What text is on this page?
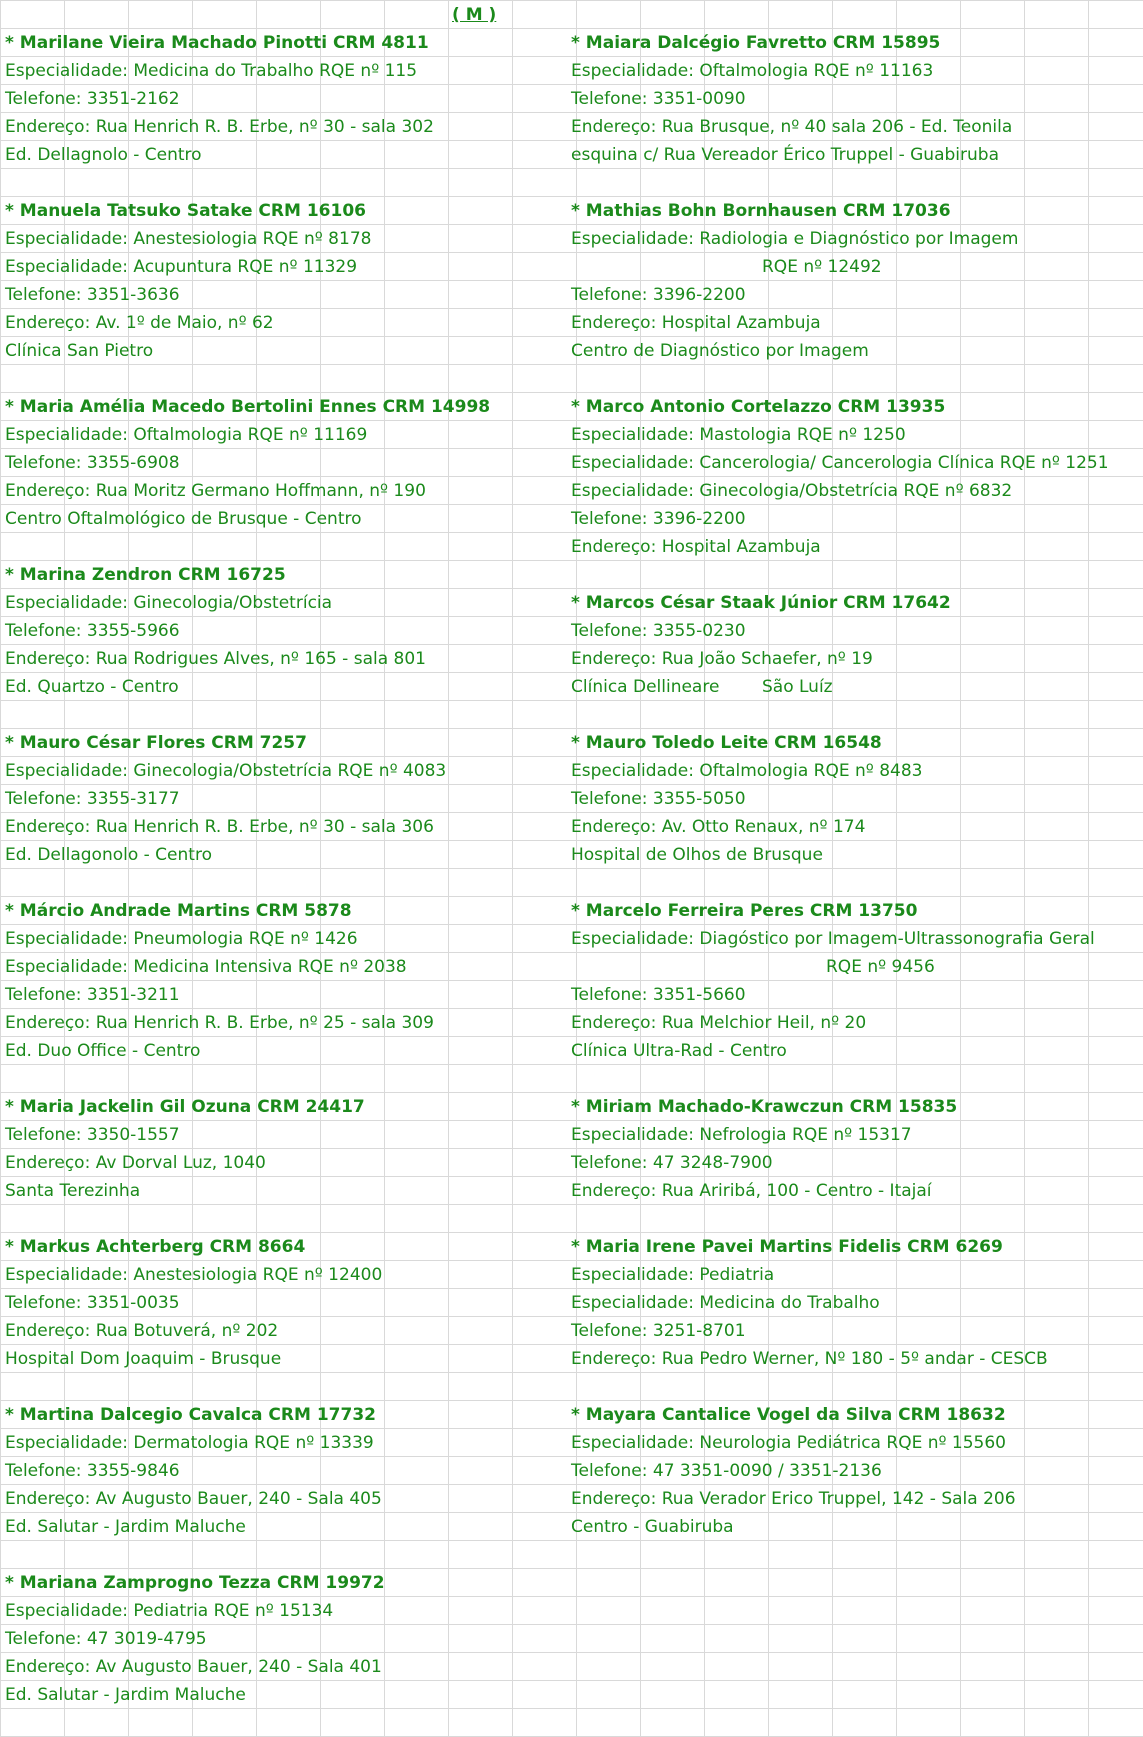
( M )
* Marilane Vieira Machado Pinotti CRM 4811
Especialidade: Medicina do Trabalho RQE nº 115
Telefone: 3351-2162
Endereço: Rua Henrich R. B. Erbe, nº 30 - sala 302
Ed. Dellagnolo - Centro
* Manuela Tatsuko Satake CRM 16106
Especialidade: Anestesiologia RQE nº 8178
Especialidade: Acupuntura RQE nº 11329
Telefone: 3351-3636
Endereço: Av. 1º de Maio, nº 62
Clínica San Pietro
* Maria Amélia Macedo Bertolini Ennes CRM 14998
Especialidade: Oftalmologia RQE nº 11169
Telefone: 3355-6908
Endereço: Rua Moritz Germano Hoffmann, nº 190
Centro Oftalmológico de Brusque - Centro
* Marina Zendron CRM 16725
Especialidade: Ginecologia/Obstetrícia
Telefone: 3355-5966
Endereço: Rua Rodrigues Alves, nº 165 - sala 801
Ed. Quartzo - Centro
* Mauro César Flores CRM 7257
Especialidade: Ginecologia/Obstetrícia RQE nº 4083
Telefone: 3355-3177
Endereço: Rua Henrich R. B. Erbe, nº 30 - sala 306
Ed. Dellagonolo - Centro
* Márcio Andrade Martins CRM 5878
Especialidade: Pneumologia RQE nº 1426
Especialidade: Medicina Intensiva RQE nº 2038
Telefone: 3351-3211
Endereço: Rua Henrich R. B. Erbe, nº 25 - sala 309
Ed. Duo Office - Centro
* Maria Jackelin Gil Ozuna CRM 24417
Telefone: 3350-1557
Endereço: Av Dorval Luz, 1040
Santa Terezinha
* Markus Achterberg CRM 8664
Especialidade: Anestesiologia RQE nº 12400
Telefone: 3351-0035
Endereço: Rua Botuverá, nº 202
Hospital Dom Joaquim - Brusque
* Martina Dalcegio Cavalca CRM 17732
Especialidade: Dermatologia RQE nº 13339
Telefone: 3355-9846
Endereço: Av Augusto Bauer, 240 - Sala 405
Ed. Salutar - Jardim Maluche
* Mariana Zamprogno Tezza CRM 19972
Especialidade: Pediatria RQE nº 15134
Telefone: 47 3019-4795
Endereço: Av Augusto Bauer, 240 - Sala 401
Ed. Salutar - Jardim Maluche
* Maiara Dalcégio Favretto CRM 15895
Especialidade: Oftalmologia RQE nº 11163
Telefone: 3351-0090
Endereço: Rua Brusque, nº 40 sala 206 - Ed. Teonila
esquina c/ Rua Vereador Érico Truppel - Guabiruba
* Mathias Bohn Bornhausen CRM 17036
Especialidade: Radiologia e Diagnóstico por Imagem
Telefone: 3396-2200
Endereço: Hospital Azambuja
Centro de Diagnóstico por Imagem
* Marco Antonio Cortelazzo CRM 13935
Especialidade: Mastologia RQE nº 1250
Especialidade: Cancerologia/ Cancerologia Clínica RQE nº 1251
Especialidade: Ginecologia/Obstetrícia RQE nº 6832
Telefone: 3396-2200
Endereço: Hospital Azambuja
* Marcos César Staak Júnior CRM 17642
Telefone: 3355-0230
Endereço: Rua João Schaefer, nº 19
Clínica Dellineare
* Mauro Toledo Leite CRM 16548
Especialidade: Oftalmologia RQE nº 8483
Telefone: 3355-5050
Endereço: Av. Otto Renaux, nº 174
Hospital de Olhos de Brusque
* Marcelo Ferreira Peres CRM 13750
Especialidade: Diagóstico por Imagem-Ultrassonografia Geral
Telefone: 3351-5660
Endereço: Rua Melchior Heil, nº 20
Clínica Ultra-Rad - Centro
* Miriam Machado-Krawczun CRM 15835
Especialidade: Nefrologia RQE nº 15317
Telefone: 47 3248-7900
Endereço: Rua Ariribá, 100 - Centro - Itajaí
* Maria Irene Pavei Martins Fidelis CRM 6269
Especialidade: Pediatria
Especialidade: Medicina do Trabalho
Telefone: 3251-8701
Endereço: Rua Pedro Werner, Nº 180 - 5º andar - CESCB
* Mayara Cantalice Vogel da Silva CRM 18632
Especialidade: Neurologia Pediátrica RQE nº 15560
Telefone: 47 3351-0090 / 3351-2136
Endereço: Rua Verador Erico Truppel, 142 - Sala 206
Centro - Guabiruba
RQE nº 12492
São Luíz
RQE nº 9456
